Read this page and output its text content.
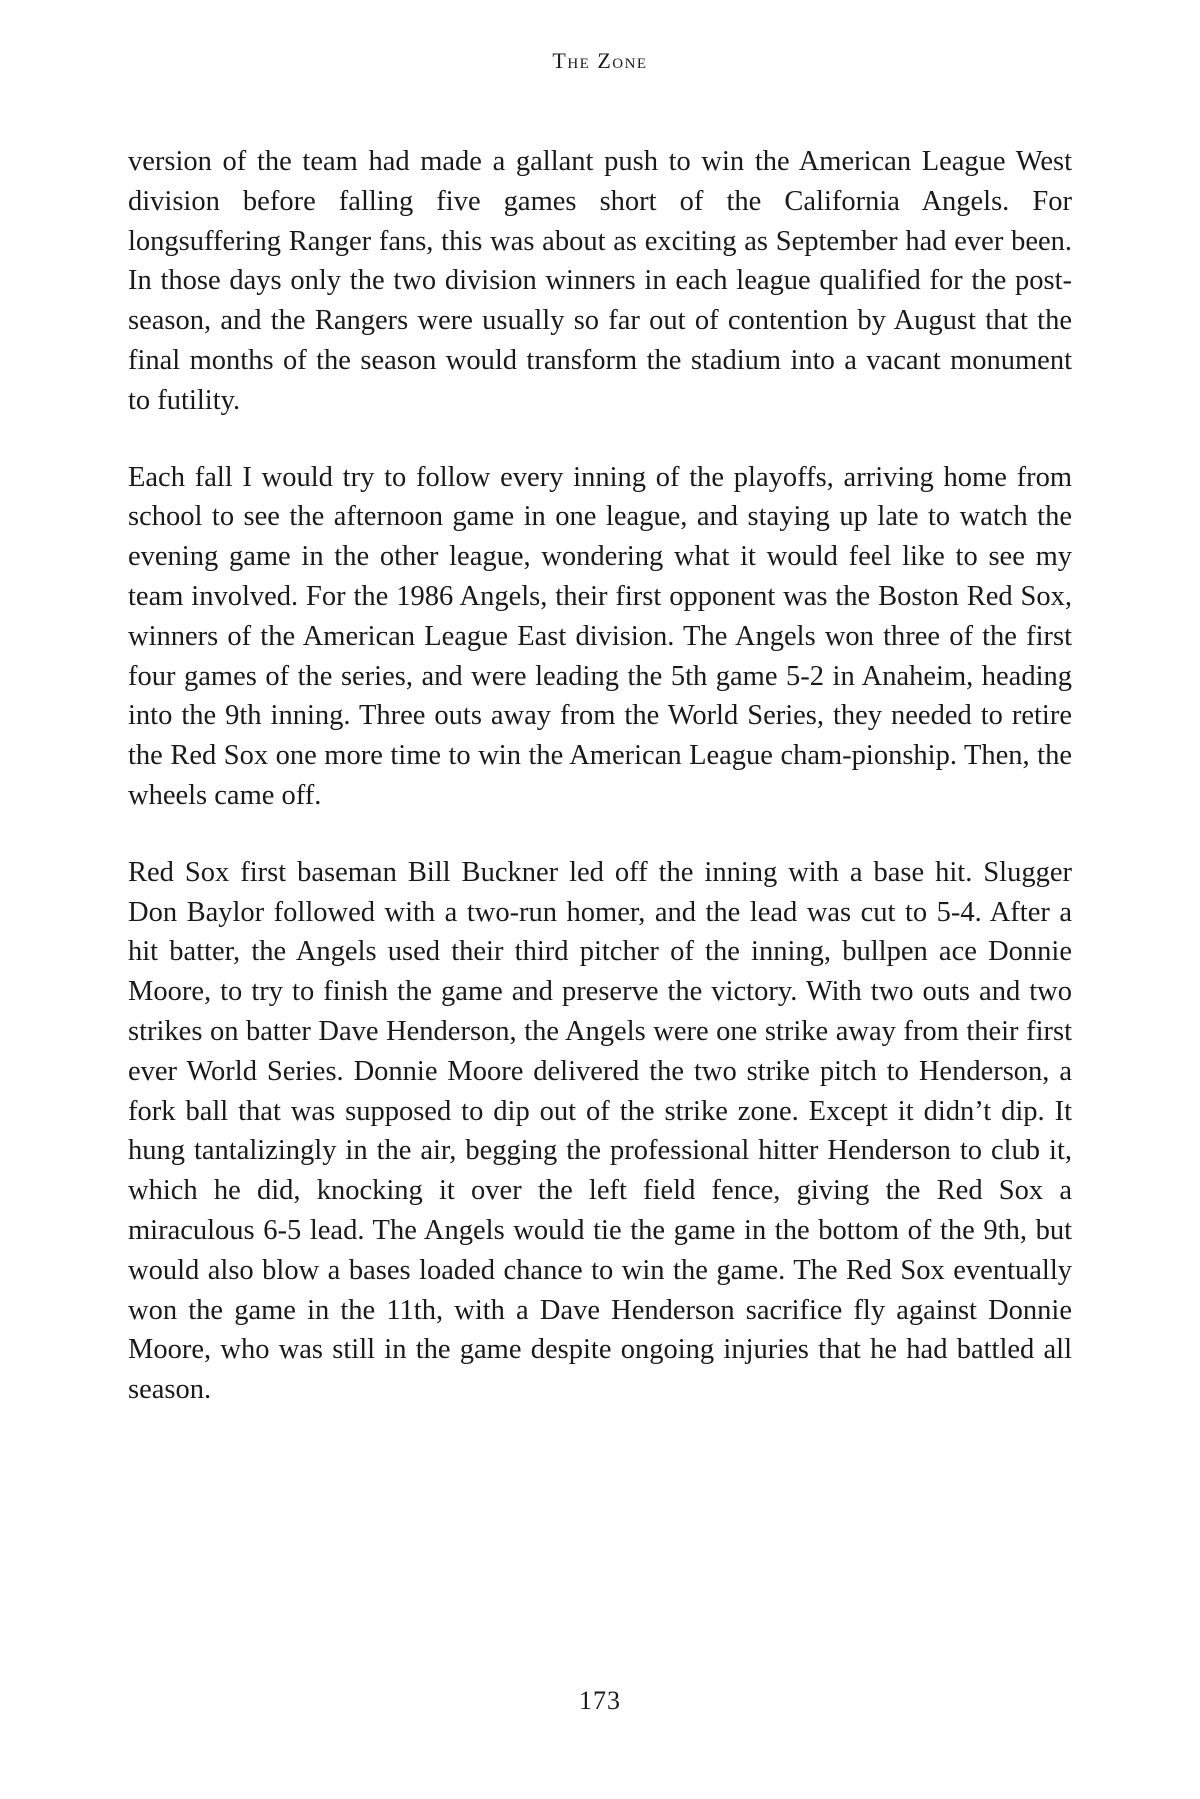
The Zone

version of the team had made a gallant push to win the American League West division before falling five games short of the California Angels. For longsuffering Ranger fans, this was about as exciting as September had ever been. In those days only the two division winners in each league qualified for the post-season, and the Rangers were usually so far out of contention by August that the final months of the season would transform the stadium into a vacant monument to futility.

Each fall I would try to follow every inning of the playoffs, arriving home from school to see the afternoon game in one league, and staying up late to watch the evening game in the other league, wondering what it would feel like to see my team involved. For the 1986 Angels, their first opponent was the Boston Red Sox, winners of the American League East division. The Angels won three of the first four games of the series, and were leading the 5th game 5-2 in Anaheim, heading into the 9th inning. Three outs away from the World Series, they needed to retire the Red Sox one more time to win the American League cham-pionship. Then, the wheels came off.

Red Sox first baseman Bill Buckner led off the inning with a base hit. Slugger Don Baylor followed with a two-run homer, and the lead was cut to 5-4. After a hit batter, the Angels used their third pitcher of the inning, bullpen ace Donnie Moore, to try to finish the game and preserve the victory. With two outs and two strikes on batter Dave Henderson, the Angels were one strike away from their first ever World Series. Donnie Moore delivered the two strike pitch to Henderson, a fork ball that was supposed to dip out of the strike zone. Except it didn’t dip. It hung tantalizingly in the air, begging the professional hitter Henderson to club it, which he did, knocking it over the left field fence, giving the Red Sox a miraculous 6-5 lead. The Angels would tie the game in the bottom of the 9th, but would also blow a bases loaded chance to win the game. The Red Sox eventually won the game in the 11th, with a Dave Henderson sacrifice fly against Donnie Moore, who was still in the game despite ongoing injuries that he had battled all season.

173
